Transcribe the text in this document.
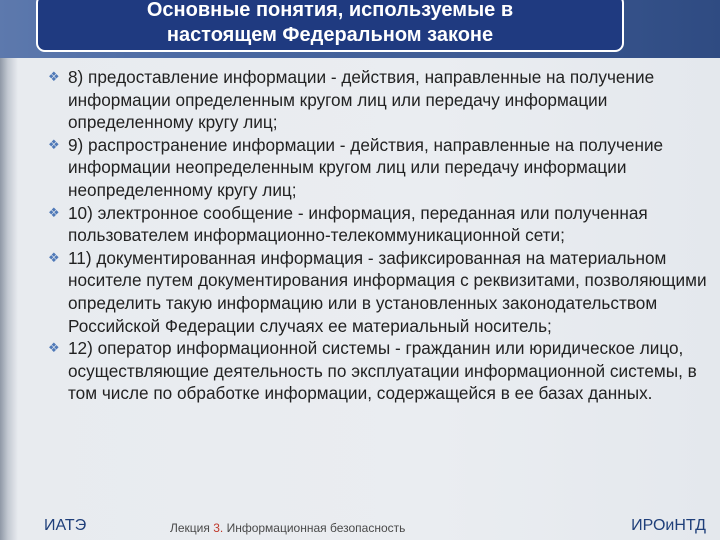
Основные понятия, используемые в
настоящем Федеральном законе
❖ 8) предоставление информации - действия, направленные на получение информации определенным кругом лиц или передачу информации определенному кругу лиц;
❖ 9) распространение информации - действия, направленные на получение информации неопределенным кругом лиц или передачу информации неопределенному кругу лиц;
❖ 10) электронное сообщение - информация, переданная или полученная пользователем информационно-телекоммуникационной сети;
❖ 11) документированная информация - зафиксированная на материальном носителе путем документирования информация с реквизитами, позволяющими определить такую информацию или в установленных законодательством Российской Федерации случаях ее материальный носитель;
❖ 12) оператор информационной системы - гражданин или юридическое лицо, осуществляющие деятельность по эксплуатации информационной системы, в том числе по обработке информации, содержащейся в ее базах данных.
ИАТЭ	Лекция 3. Информационная безопасность	ИРОиНТД
